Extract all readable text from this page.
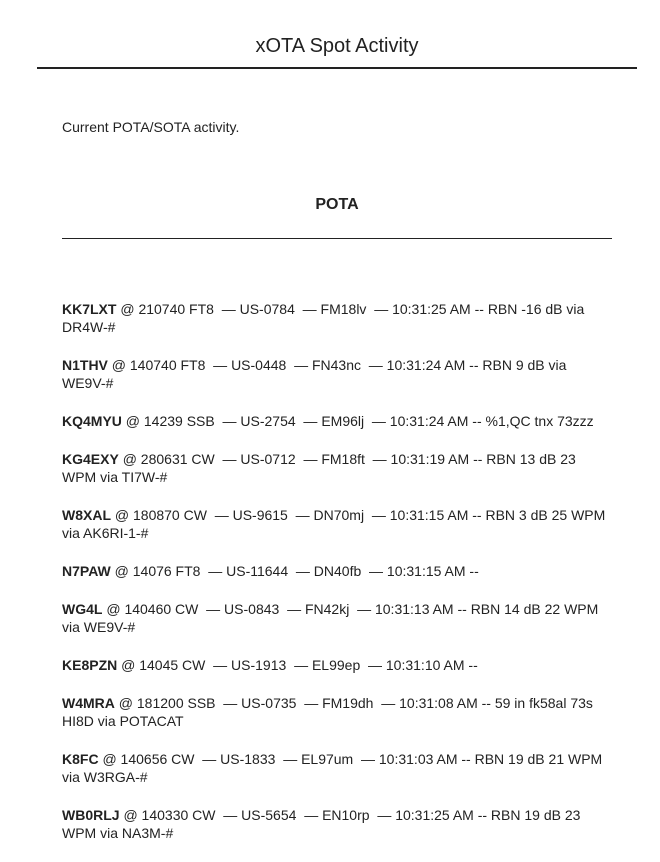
xOTA Spot Activity
Current POTA/SOTA activity.
POTA

KK7LXT @ 210740 FT8  — US-0784  — FM18lv  — 10:31:25 AM -- RBN -16 dB via DR4W-#

N1THV @ 140740 FT8  — US-0448  — FN43nc  — 10:31:24 AM -- RBN 9 dB via WE9V-#

KQ4MYU @ 14239 SSB  — US-2754  — EM96lj  — 10:31:24 AM -- %1,QC tnx 73zzz

KG4EXY @ 280631 CW  — US-0712  — FM18ft  — 10:31:19 AM -- RBN 13 dB 23 WPM via TI7W-#

W8XAL @ 180870 CW  — US-9615  — DN70mj  — 10:31:15 AM -- RBN 3 dB 25 WPM via AK6RI-1-#

N7PAW @ 14076 FT8  — US-11644  — DN40fb  — 10:31:15 AM --

WG4L @ 140460 CW  — US-0843  — FN42kj  — 10:31:13 AM -- RBN 14 dB 22 WPM via WE9V-#

KE8PZN @ 14045 CW  — US-1913  — EL99ep  — 10:31:10 AM --

W4MRA @ 181200 SSB  — US-0735  — FM19dh  — 10:31:08 AM -- 59 in fk58al 73s HI8D via POTACAT

K8FC @ 140656 CW  — US-1833  — EL97um  — 10:31:03 AM -- RBN 19 dB 21 WPM via W3RGA-#

WB0RLJ @ 140330 CW  — US-5654  — EN10rp  — 10:31:25 AM -- RBN 19 dB 23 WPM via NA3M-#
